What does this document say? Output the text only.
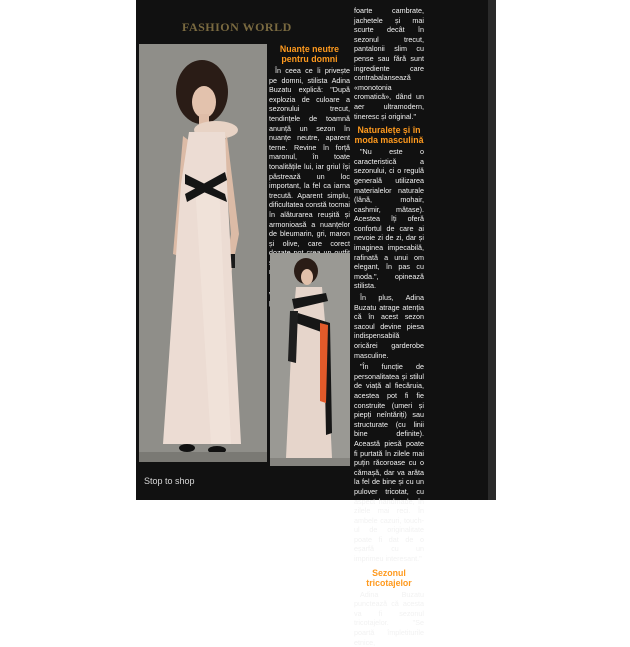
FASHION WORLD

Nuanțe neutre pentru domni

În ceea ce îi privește pe domni, stilista Adina Buzatu explică: "După explozia de culoare a sezonului trecut, tendințele de toamnă anunță un sezon în nuanțe neutre, aparent terne. Revine în forță maronul, în toate tonalitățile lui, iar griul își păstrează un loc important, la fel ca iarna trecută. Aparent simplu, dificultatea constă tocmai în alăturarea reușită și armonioasă a nuanțelor de bleumarin, gri, maron și olive, care corect

foarte cambrate, jachetele și mai scurte decât în sezonul trecut, pantalonii slim cu pense sau fără sunt ingrediente care contrabalansează «monotonia cromatică», dând un aer ultramodern, tineresc și original."

Naturalețe și în moda masculină

"Nu este o caracteristică a sezonului, ci o regulă generală utilizarea materialelor naturale (lână, mohair, cashmir, mătase). Acestea îți oferă confortul de care ai nevoie zi de zi, dar și imaginea impecabilă, rafinată a unui om elegant, în pas cu moda.", opinează stilista.

În plus, Adina Buzatu atrage atenția că în acest sezon sacoul devine piesa indispensabilă oricărei garderobe masculine.

"În funcție de personalitatea și stilul de viață al fiecăruia, acestea pot fi fie construite (umeri și piepți neîntăriți) sau structurate (cu linii bine definite). Această piesă poate fi purtată în zilele mai puțin răcoroase cu o cămașă, dar va arăta la fel de bine și cu un pulover tricotat, cu aspect handmade, în zilele mai reci. În ambele cazuri, touch-ul de originalitate poate fi dat de o eșarfă cu un imprimeu interesant."

Sezonul tricotajelor

Adina Buzatu punctează că acesta va fi sezonul tricotajelor. "Se poartă împletiturile etnice,

Stop to shop
